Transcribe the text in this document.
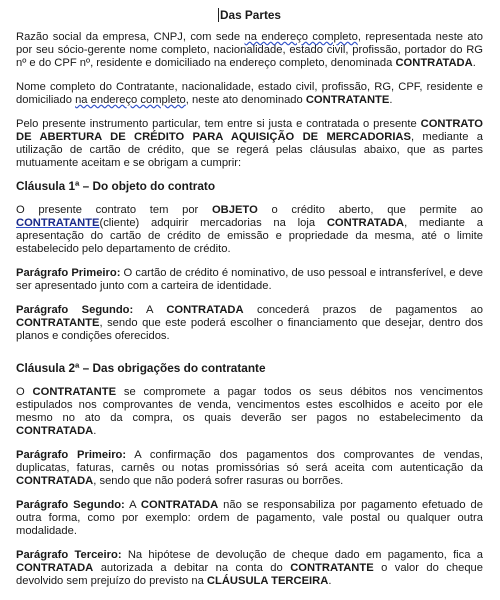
Das Partes

Razão social da empresa, CNPJ, com sede na endereço completo, representada neste ato por seu sócio-gerente nome completo, nacionalidade, estado civil, profissão, portador do RG nº e do CPF nº, residente e domiciliado na endereço completo, denominada CONTRATADA.

Nome completo do Contratante, nacionalidade, estado civil, profissão, RG, CPF, residente e domiciliado na endereço completo, neste ato denominado CONTRATANTE.

Pelo presente instrumento particular, tem entre si justa e contratada o presente CONTRATO DE ABERTURA DE CRÉDITO PARA AQUISIÇÃO DE MERCADORIAS, mediante a utilização de cartão de crédito, que se regerá pelas cláusulas abaixo, que as partes mutuamente aceitam e se obrigam a cumprir:

Cláusula 1ª – Do objeto do contrato

O presente contrato tem por OBJETO o crédito aberto, que permite ao CONTRATANTE(cliente) adquirir mercadorias na loja CONTRATADA, mediante a apresentação do cartão de crédito de emissão e propriedade da mesma, até o limite estabelecido pelo departamento de crédito.

Parágrafo Primeiro: O cartão de crédito é nominativo, de uso pessoal e intransferível, e deve ser apresentado junto com a carteira de identidade.

Parágrafo Segundo: A CONTRATADA concederá prazos de pagamentos ao CONTRATANTE, sendo que este poderá escolher o financiamento que desejar, dentro dos planos e condições oferecidos.

Cláusula 2ª – Das obrigações do contratante

O CONTRATANTE se compromete a pagar todos os seus débitos nos vencimentos estipulados nos comprovantes de venda, vencimentos estes escolhidos e aceito por ele mesmo no ato da compra, os quais deverão ser pagos no estabelecimento da CONTRATADA.

Parágrafo Primeiro: A confirmação dos pagamentos dos comprovantes de vendas, duplicatas, faturas, carnês ou notas promissórias só será aceita com autenticação da CONTRATADA, sendo que não poderá sofrer rasuras ou borrões.

Parágrafo Segundo: A CONTRATADA não se responsabiliza por pagamento efetuado de outra forma, como por exemplo: ordem de pagamento, vale postal ou qualquer outra modalidade.

Parágrafo Terceiro: Na hipótese de devolução de cheque dado em pagamento, fica a CONTRATADA autorizada a debitar na conta do CONTRATANTE o valor do cheque devolvido sem prejuízo do previsto na CLÁUSULA TERCEIRA.
